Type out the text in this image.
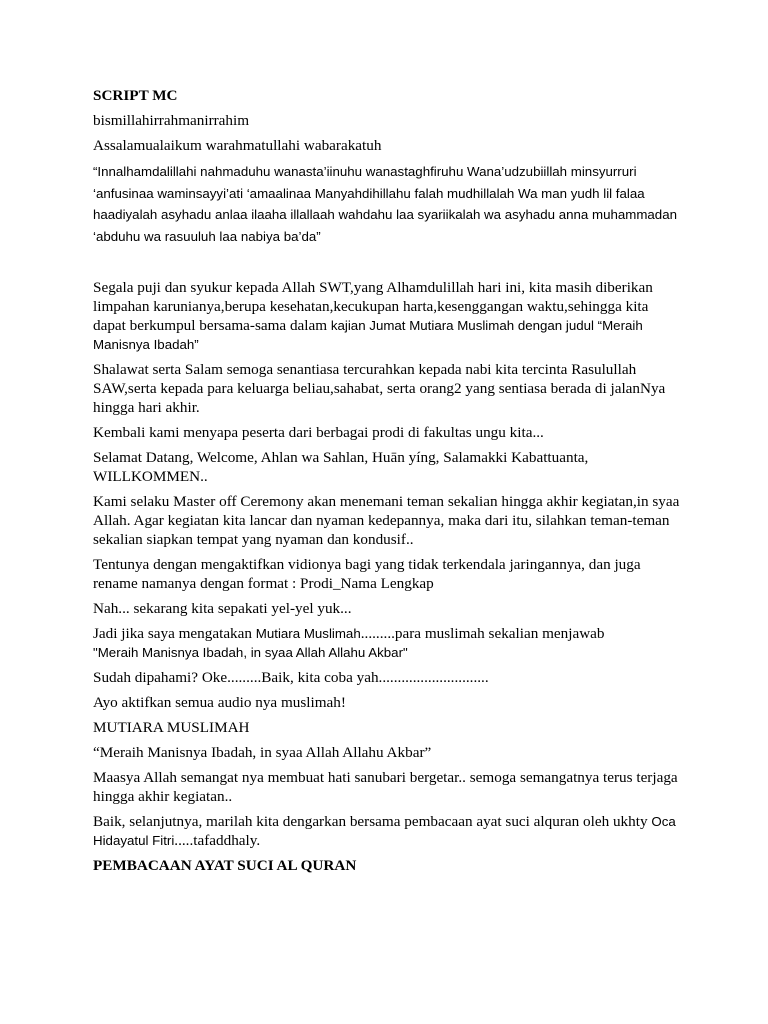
SCRIPT MC

bismillahirrahmanirrahim

Assalamualaikum warahmatullahi wabarakatuh

“Innalhamdalillahi nahmaduhu wanasta’iinuhu wanastaghfiruhu Wana’udzubiillah minsyurruri ‘anfusinaa waminsayyi’ati ‘amaalinaa Manyahdihillahu falah mudhillalah Wa man yudh lil falaa haadiyalah asyhadu anlaa ilaaha illallaah wahdahu laa syariikalah wa asyhadu anna muhammadan ‘abduhu wa rasuuluh laa nabiya ba’da”

Segala puji dan syukur kepada Allah SWT,yang Alhamdulillah hari ini, kita masih diberikan limpahan karunianya,berupa kesehatan,kecukupan harta,kesenggangan waktu,sehingga kita dapat berkumpul bersama-sama dalam kajian Jumat Mutiara Muslimah dengan judul “Meraih Manisnya Ibadah”

Shalawat serta Salam semoga senantiasa tercurahkan kepada nabi kita tercinta Rasulullah SAW,serta kepada para keluarga beliau,sahabat, serta orang2 yang sentiasa berada di jalanNya hingga hari akhir.

Kembali kami menyapa peserta dari berbagai prodi di fakultas ungu kita...

Selamat Datang, Welcome, Ahlan wa Sahlan, Huān yíng, Salamakki Kabattuanta, WILLKOMMEN..

Kami selaku Master off Ceremony akan menemani teman sekalian hingga akhir kegiatan,in syaa Allah. Agar kegiatan kita lancar dan nyaman kedepannya, maka dari itu, silahkan teman-teman sekalian siapkan tempat yang nyaman dan kondusif..

Tentunya dengan mengaktifkan vidionya bagi yang tidak terkendala jaringannya, dan juga rename namanya dengan format : Prodi_Nama Lengkap

Nah... sekarang kita sepakati yel-yel yuk...

Jadi jika saya mengatakan Mutiara Muslimah.........para muslimah sekalian menjawab
"Meraih Manisnya Ibadah, in syaa Allah Allahu Akbar"

Sudah dipahami? Oke.........Baik, kita coba yah.............................

Ayo aktifkan semua audio nya muslimah!

MUTIARA MUSLIMAH

“Meraih Manisnya Ibadah, in syaa Allah Allahu Akbar”

Maasya Allah semangat nya membuat hati sanubari bergetar.. semoga semangatnya terus terjaga hingga akhir kegiatan..

Baik, selanjutnya, marilah kita dengarkan bersama pembacaan ayat suci alquran oleh ukhty Oca Hidayatul Fitri.....tafaddhaly.

PEMBACAAN AYAT SUCI AL QURAN
